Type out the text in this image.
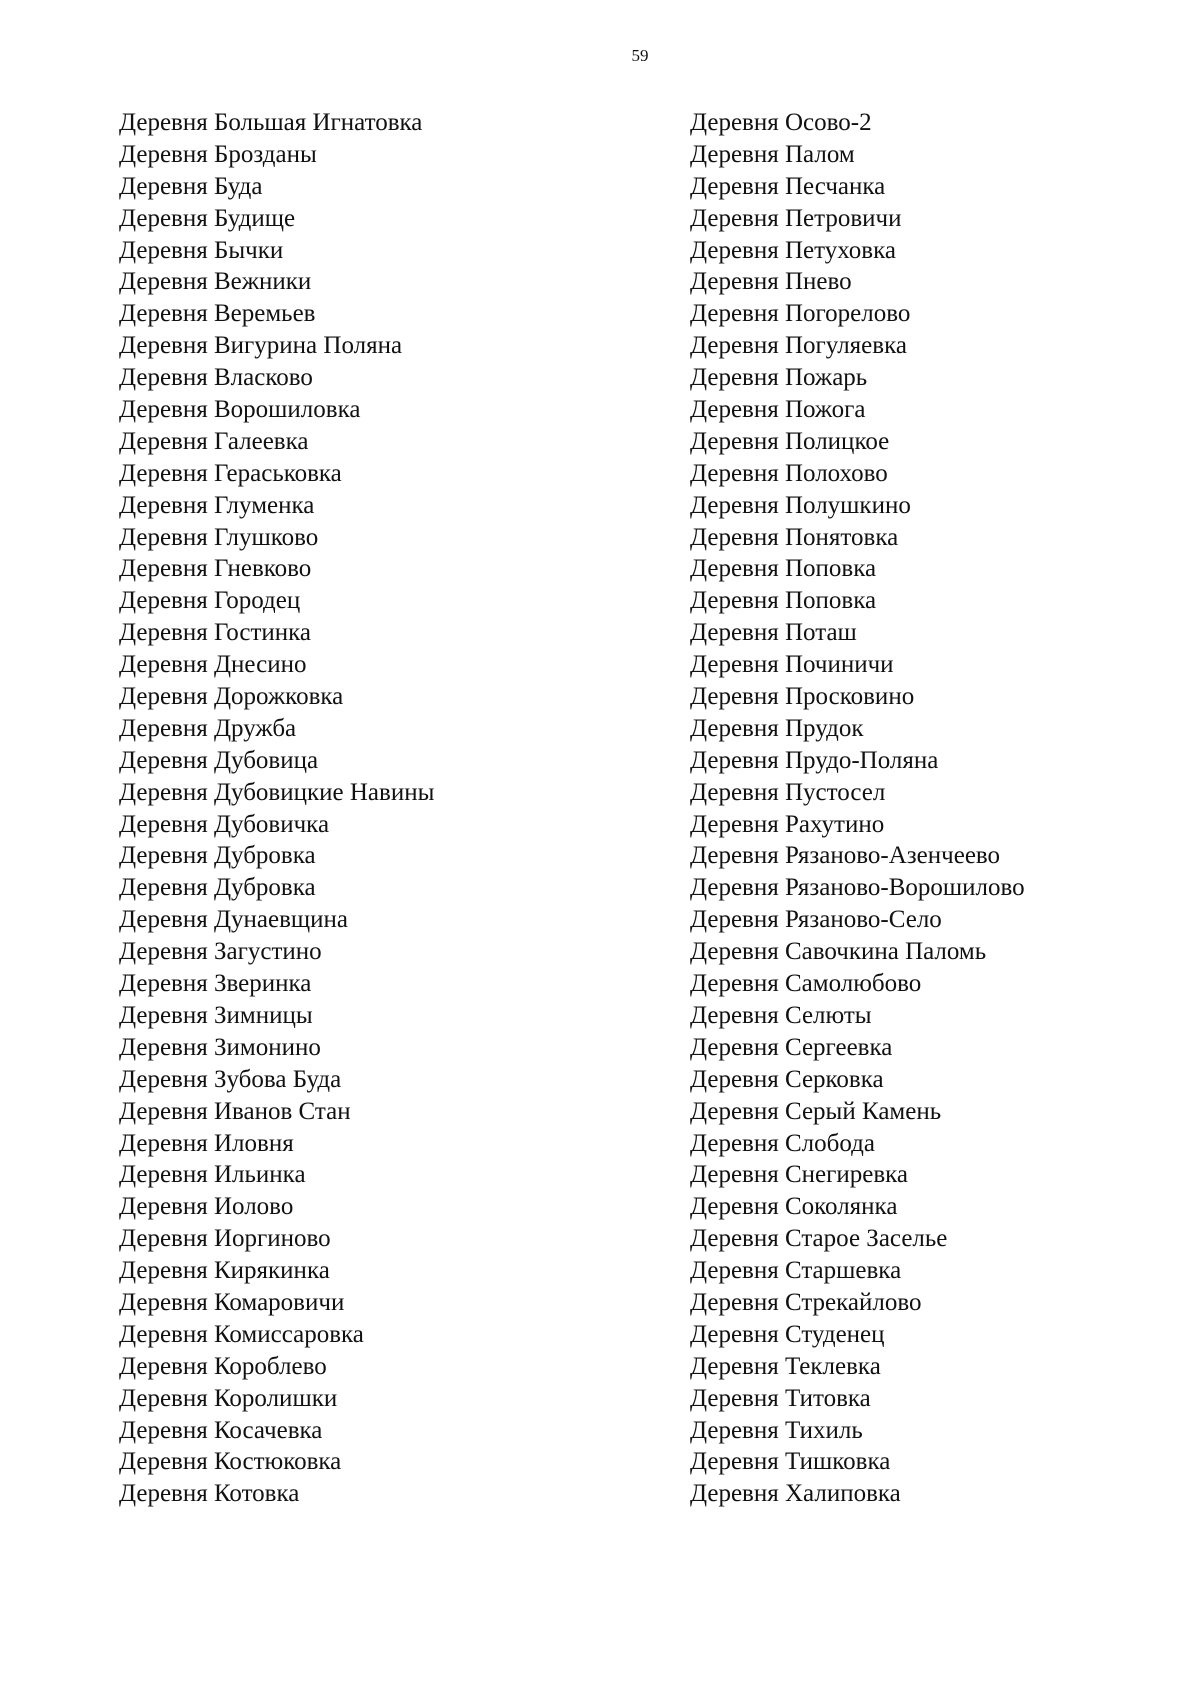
59
Деревня Большая Игнатовка
Деревня Брозданы
Деревня Буда
Деревня Будище
Деревня Бычки
Деревня Вежники
Деревня Веремьев
Деревня Вигурина Поляна
Деревня Власково
Деревня Ворошиловка
Деревня Галеевка
Деревня Гераськовка
Деревня Глуменка
Деревня Глушково
Деревня Гневково
Деревня Городец
Деревня Гостинка
Деревня Днесино
Деревня Дорожковка
Деревня Дружба
Деревня Дубовица
Деревня Дубовицкие Навины
Деревня Дубовичка
Деревня Дубровка
Деревня Дубровка
Деревня Дунаевщина
Деревня Загустино
Деревня Зверинка
Деревня Зимницы
Деревня Зимонино
Деревня Зубова Буда
Деревня Иванов Стан
Деревня Иловня
Деревня Ильинка
Деревня Иолово
Деревня Иоргиново
Деревня Кирякинка
Деревня Комаровичи
Деревня Комиссаровка
Деревня Короблево
Деревня Королишки
Деревня Косачевка
Деревня Костюковка
Деревня Котовка
Деревня Осово-2
Деревня Палом
Деревня Песчанка
Деревня Петровичи
Деревня Петуховка
Деревня Пнево
Деревня Погорелово
Деревня Погуляевка
Деревня Пожарь
Деревня Пожога
Деревня Полицкое
Деревня Полохово
Деревня Полушкино
Деревня Понятовка
Деревня Поповка
Деревня Поповка
Деревня Поташ
Деревня Починичи
Деревня Просковино
Деревня Прудок
Деревня Прудо-Поляна
Деревня Пустосел
Деревня Рахутино
Деревня Рязаново-Азенчеево
Деревня Рязаново-Ворошилово
Деревня Рязаново-Село
Деревня Савочкина Паломь
Деревня Самолюбово
Деревня Селюты
Деревня Сергеевка
Деревня Серковка
Деревня Серый Камень
Деревня Слобода
Деревня Снегиревка
Деревня Соколянка
Деревня Старое Заселье
Деревня Старшевка
Деревня Стрекайлово
Деревня Студенец
Деревня Теклевка
Деревня Титовка
Деревня Тихиль
Деревня Тишковка
Деревня Халиповка
